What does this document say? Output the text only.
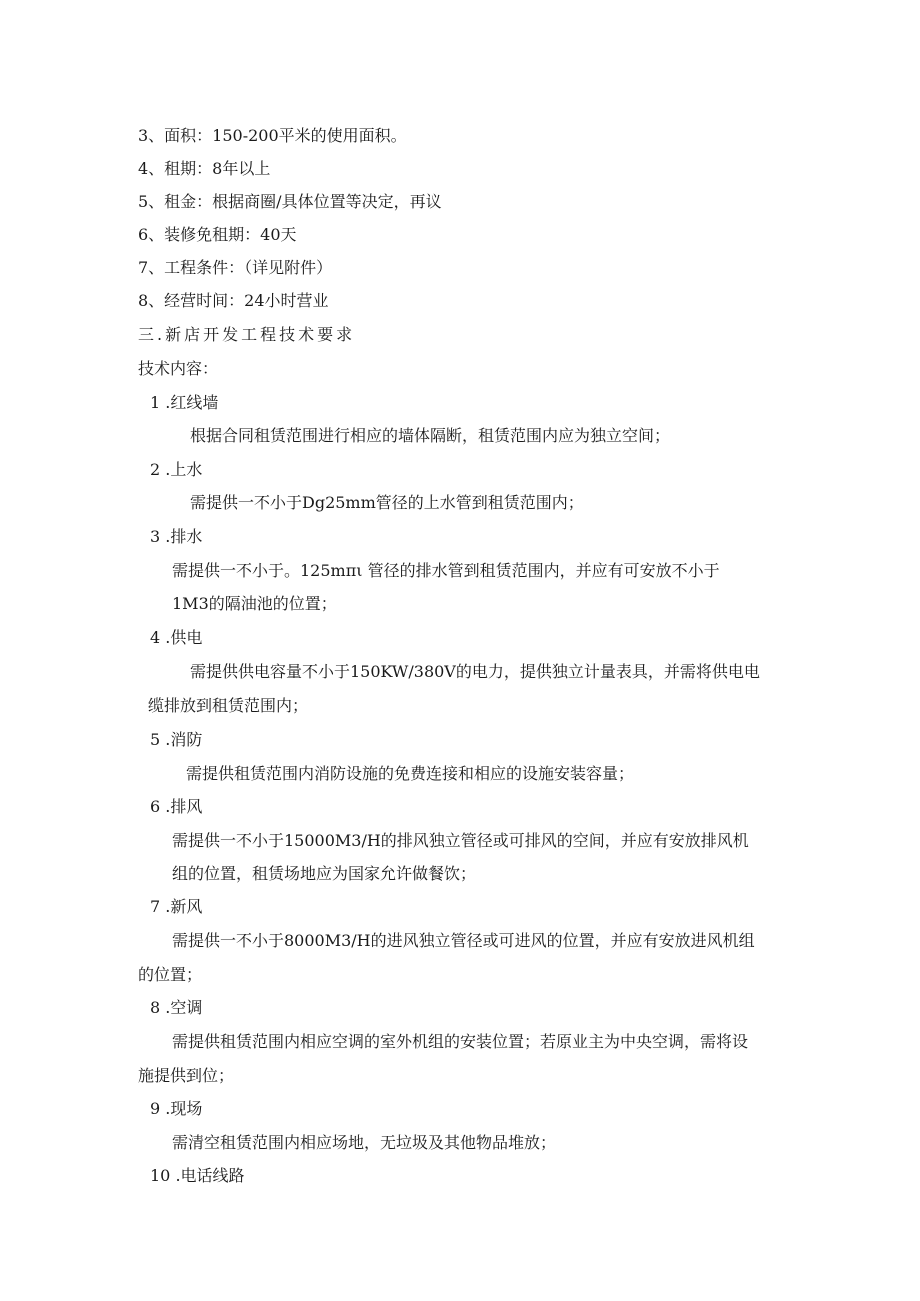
3、面积：150-200平米的使用面积。
4、租期：8年以上
5、租金：根据商圈/具体位置等决定，再议
6、装修免租期：40天
7、工程条件：（详见附件）
8、经营时间：24小时营业
三.新店开发工程技术要求
技术内容：
1 .红线墙
根据合同租赁范围进行相应的墙体隔断，租赁范围内应为独立空间；
2 .上水
需提供一不小于Dg25mm管径的上水管到租赁范围内；
3 .排水
需提供一不小于。125mπι 管径的排水管到租赁范围内，并应有可安放不小于
1M3的隔油池的位置；
4 .供电
需提供供电容量不小于150KW/380V的电力，提供独立计量表具，并需将供电电
缆排放到租赁范围内；
5 .消防
需提供租赁范围内消防设施的免费连接和相应的设施安装容量；
6 .排风
需提供一不小于15000M3/H的排风独立管径或可排风的空间，并应有安放排风机
组的位置，租赁场地应为国家允许做餐饮；
7 .新风
需提供一不小于8000M3/H的进风独立管径或可进风的位置，并应有安放进风机组
的位置；
8 .空调
需提供租赁范围内相应空调的室外机组的安装位置；若原业主为中央空调，需将设
施提供到位；
9 .现场
需清空租赁范围内相应场地，无垃圾及其他物品堆放；
10 .电话线路
